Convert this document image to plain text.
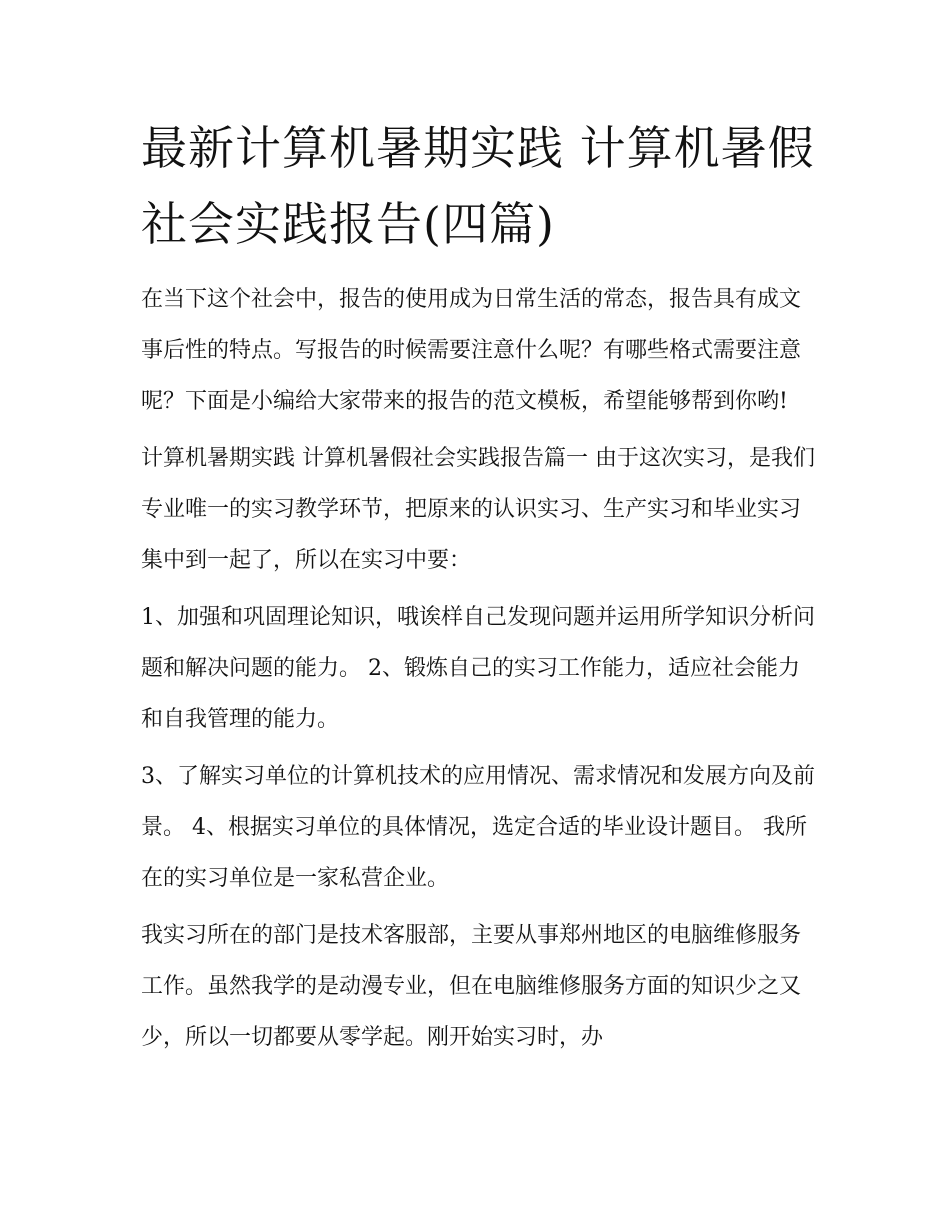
最新计算机暑期实践 计算机暑假社会实践报告(四篇)

在当下这个社会中，报告的使用成为日常生活的常态，报告具有成文事后性的特点。写报告的时候需要注意什么呢？有哪些格式需要注意呢？下面是小编给大家带来的报告的范文模板，希望能够帮到你哟!

计算机暑期实践 计算机暑假社会实践报告篇一 由于这次实习，是我们专业唯一的实习教学环节，把原来的认识实习、生产实习和毕业实习集中到一起了，所以在实习中要：

1、加强和巩固理论知识，哦诶样自己发现问题并运用所学知识分析问题和解决问题的能力。 2、锻炼自己的实习工作能力，适应社会能力和自我管理的能力。

3、了解实习单位的计算机技术的应用情况、需求情况和发展方向及前景。 4、根据实习单位的具体情况，选定合适的毕业设计题目。 我所在的实习单位是一家私营企业。

我实习所在的部门是技术客服部，主要从事郑州地区的电脑维修服务工作。虽然我学的是动漫专业，但在电脑维修服务方面的知识少之又少，所以一切都要从零学起。刚开始实习时，办
